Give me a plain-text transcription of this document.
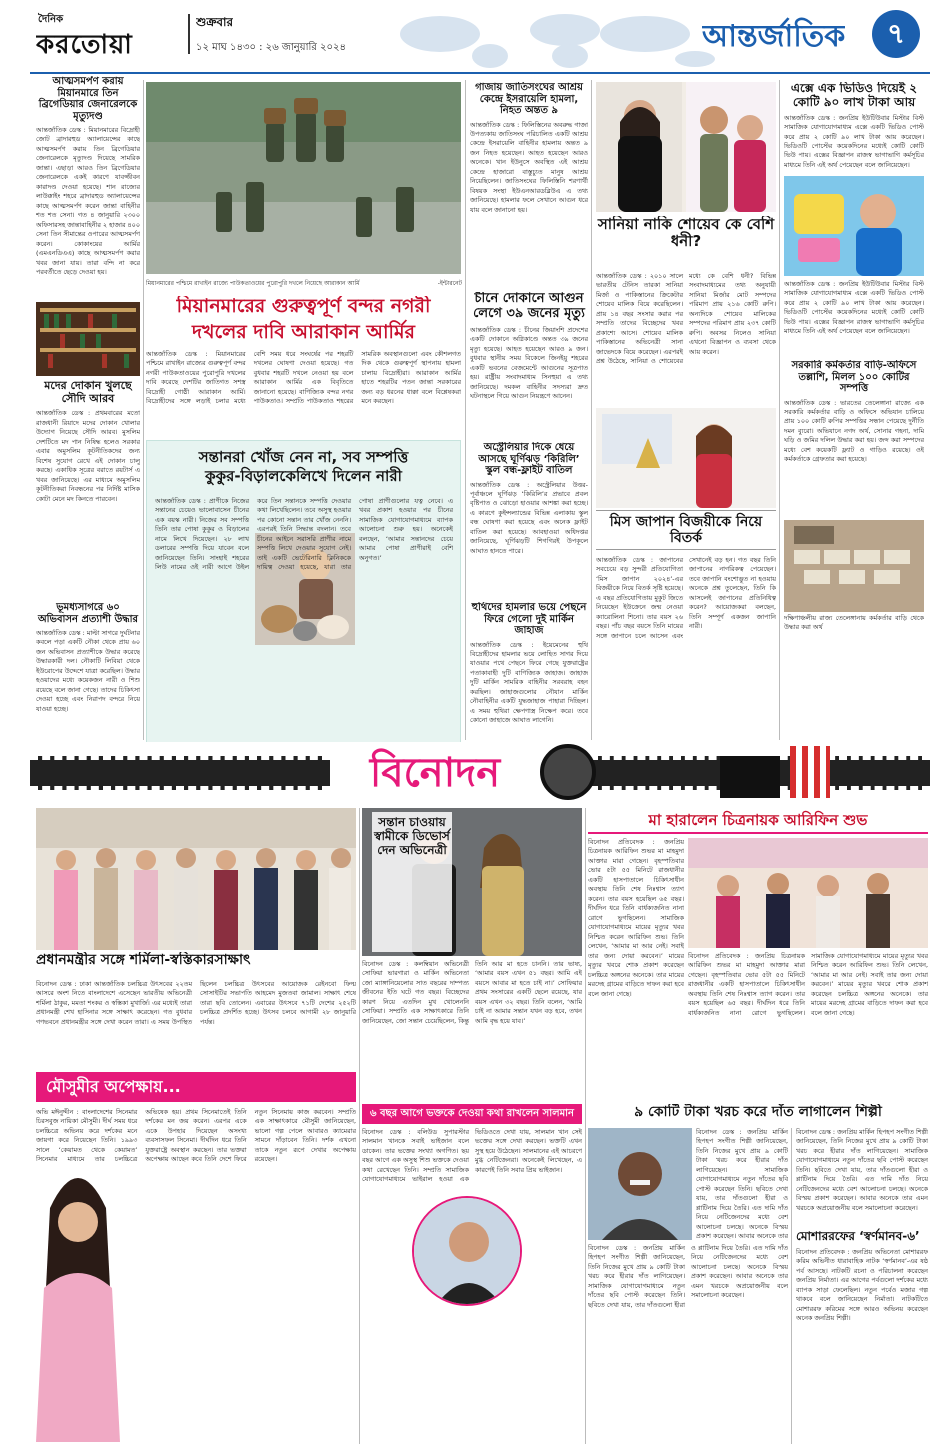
দৈনিক
করতোয়া
শুক্রবার
১২ মাঘ ১৪৩০ : ২৬ জানুয়ারি ২০২৪	আন্তর্জাতিক	৭
আত্মসমর্পণ করায় মিয়ানমারে তিন ব্রিগেডিয়ার জেনারেলকে মৃত্যুদণ্ড
আন্তর্জাতিক ডেস্ক : মিয়ানমারের বিদ্রোহী জোট ব্রাদারহুড অ্যালায়েন্সের কাছে আত্মসমর্পণ করায় তিন ব্রিগেডিয়ার জেনারেলকে মৃত্যুদণ্ড দিয়েছে সামরিক জান্তা। এছাড়া আরও তিন ব্রিগেডিয়ার জেনারেলকে একই কারণে যাবজ্জীবন কারাদণ্ড দেওয়া হয়েছে। শান রাজ্যের লাউক্কাইং শহরে ব্রাদারহুড অ্যালায়েন্সের কাছে আত্মসমর্পণ করেন জান্তা বাহিনীর শত শত সেনা। গত ৪ জানুয়ারি ২৩০০ অফিসারসহ জান্তাবাহিনীর ২ হাজার ৪০০ সেনা তিন সীমান্তের ওপারের আত্মসমর্পণ করেন। কোকাংয়ের আর্মির (এমএনডিএএ) কাছে আত্মসমর্পণ করার খবর জানা যায়। তারা বন্দি না করে পরবর্তীতে ছেড়ে দেওয়া হয়।
মদের দোকান খুলছে সৌদি আরব
আন্তর্জাতিক ডেস্ক : প্রথমবারের মতো রাজধানী রিয়াদে মদের দোকান খোলার উদ্যোগ নিয়েছে সৌদি আরব। মুসলিম দেশটিতে মদ পান নিষিদ্ধ হলেও সরকার এবার অমুসলিম কূটনীতিকদের জন্য বিশেষ সুযোগ রেখে এই দোকান চালু করছে। একাধিক সূত্রের বরাতে রয়টার্স এ খবর জানিয়েছে। এর মাধ্যমে অমুসলিম কূটনীতিকরা নিবন্ধনের পর নির্দিষ্ট মাসিক কোটা মেনে মদ কিনতে পারবেন।
ভূমধ্যসাগরে ৬০ অভিবাসন প্রত্যাশী উদ্ধার
আন্তর্জাতিক ডেস্ক : মাল্টা সাগরে দুর্ঘটনার কবলে পড়া একটি নৌকা থেকে প্রায় ৬০ জন অভিবাসন প্রত্যাশীকে উদ্ধার করেছে উদ্ধারকারী দল। নৌকাটি লিবিয়া থেকে ইউরোপের উদ্দেশে যাত্রা করেছিল। উদ্ধার হওয়াদের মধ্যে কয়েকজন নারী ও শিশু রয়েছে বলে জানা গেছে। তাদের চিকিৎসা দেওয়া হচ্ছে এবং নিরাপদ বন্দরে নিয়ে যাওয়া হচ্ছে।
মিয়ানমারের পশ্চিমে রাখাইন রাজ্যে পাউকতাওয়ের পুরোপুরি দখলে নিয়েছে আরাকান আর্মি	-ইন্টারনেট
মিয়ানমারের গুরুত্বপূর্ণ বন্দর নগরী
দখলের দাবি আরাকান আর্মির
আন্তর্জাতিক ডেস্ক : মিয়ানমারের পশ্চিমে রাখাইন রাজ্যের গুরুত্বপূর্ণ বন্দর নগরী পাউকতাওয়ের পুরোপুরি দখলের দাবি করেছে দেশটির জাতিগত সশস্ত্র বিদ্রোহী গোষ্ঠী আরাকান আর্মি। বিদ্রোহীদের সঙ্গে লড়াই চলার মধ্যে বেশি সময় ধরে সংঘর্ষের পর শহরটি দখলের ঘোষণা দেওয়া হয়েছে। গত বুধবার শহরটি দখলে নেওয়া হয় বলে আরাকান আর্মির এক বিবৃতিতে জানানো হয়েছে। বাণিজ্যিক বন্দর নগর পাউকতাও। সম্প্রতি পাউকতাও শহরের সামরিক অবস্থানগুলো এবং কৌশলগত দিক থেকে গুরুত্বপূর্ণ স্থাপনায় হামলা চালায় বিদ্রোহীরা। আরাকান আর্মির হাতে শহরটির পতন জান্তা সরকারের জন্য বড় ধরনের ধাক্কা বলে বিশ্লেষকরা মনে করছেন।
সন্তানরা খোঁজ নেন না, সব সম্পত্তি
কুকুর-বিড়ালকেলিখে দিলেন নারী
আন্তর্জাতিক ডেস্ক : প্রাণীকে নিজের সন্তানের চেয়েও ভালোবাসেন চীনের এক বয়স্ক নারী। নিজের সব সম্পত্তি তিনি তার পোষা কুকুর ও বিড়ালের নামে লিখে দিয়েছেন। ২৮ লাখ ডলারের সম্পত্তি দিয়ে যাবেন বলে জানিয়েছেন তিনি। সাংহাই শহরের লিউ নামের ওই নারী আগে উইল করে তিন সন্তানকে সম্পত্তি দেওয়ার কথা লিখেছিলেন। তবে অসুস্থ হওয়ার পর কোনো সন্তান তার খোঁজ নেননি। এরপরই তিনি সিদ্ধান্ত বদলান। তবে চীনের আইনে সরাসরি প্রাণীর নামে সম্পত্তি লিখে দেওয়ার সুযোগ নেই। তাই একটি ভেটেরিনারি ক্লিনিককে দায়িত্ব দেওয়া হয়েছে, যারা তার পোষা প্রাণীগুলোর যত্ন নেবে। এ খবর প্রকাশ হওয়ার পর চীনের সামাজিক যোগাযোগমাধ্যমে ব্যাপক আলোচনা শুরু হয়। অনেকেই বলছেন, ‘আমার সন্তানদের চেয়ে আমার পোষা প্রাণীরাই বেশি অনুগত।’
গাজায় জাতিসংঘের আশ্রয় কেন্দ্রে ইসরায়েলি হামলা, নিহত অন্তত ৯
আন্তর্জাতিক ডেস্ক : ফিলিস্তিনের অবরুদ্ধ গাজা উপত্যকায় জাতিসংঘ পরিচালিত একটি আশ্রয় কেন্দ্রে ইসরায়েলি বাহিনীর হামলায় অন্তত ৯ জন নিহত হয়েছেন। আহত হয়েছেন আরও অনেকে। খান ইউনুসে অবস্থিত এই আশ্রয় কেন্দ্রে হাজারো বাস্তুচ্যুত মানুষ আশ্রয় নিয়েছিলেন। জাতিসংঘের ফিলিস্তিনি শরণার্থী বিষয়ক সংস্থা ইউএনআরডব্লিউএ এ তথ্য জানিয়েছে। হামলার ফলে সেখানে আগুন ধরে যায় বলে জানানো হয়।
চীনে দোকানে আগুন লেগে ৩৯ জনের মৃত্যু
আন্তর্জাতিক ডেস্ক : চীনের জিয়াংশি প্রদেশের একটি দোকানে অগ্নিকাণ্ডে অন্তত ৩৯ জনের মৃত্যু হয়েছে। আহত হয়েছেন আরও ৯ জন। বুধবার স্থানীয় সময় বিকেলে জিনইয়ু শহরের একটি ভবনের বেজমেন্টে আগুনের সূত্রপাত হয়। রাষ্ট্রীয় সংবাদমাধ্যম সিনহুয়া এ তথ্য জানিয়েছে। দমকল বাহিনীর সদস্যরা দ্রুত ঘটনাস্থলে গিয়ে আগুন নিয়ন্ত্রণে আনেন।
অস্ট্রেলিয়ার দিকে ধেয়ে আসছে ঘূর্ণিঝড় ‘কিরিলি’ স্কুল বন্ধ-ফ্লাইট বাতিল
আন্তর্জাতিক ডেস্ক : অস্ট্রেলিয়ার উত্তর-পূর্বাঞ্চলে ঘূর্ণিঝড় ‘কিরিলি’র প্রভাবে প্রবল বৃষ্টিপাত ও ঝোড়ো হাওয়ার আশঙ্কা করা হচ্ছে। এ কারণে কুইন্সল্যান্ডের বিভিন্ন এলাকায় স্কুল বন্ধ ঘোষণা করা হয়েছে এবং অনেক ফ্লাইট বাতিল করা হয়েছে। আবহাওয়া অধিদপ্তর জানিয়েছে, ঘূর্ণিঝড়টি শিগগিরই উপকূলে আঘাত হানতে পারে।
হুথিদের হামলার ভয়ে পেছনে ফিরে গেলো দুই মার্কিন জাহাজ
আন্তর্জাতিক ডেস্ক : ইয়েমেনের হুথি বিদ্রোহীদের হামলার ভয়ে লোহিত সাগর দিয়ে যাওয়ার পথে পেছনে ফিরে গেছে যুক্তরাষ্ট্রের পতাকাবাহী দুটি বাণিজ্যিক জাহাজ। জাহাজ দুটি মার্কিন সামরিক বাহিনীর সরবরাহ বহন করছিল। জাহাজগুলোর নৌযান মার্কিন নৌবাহিনীর একটি যুদ্ধজাহাজ পাহারা দিচ্ছিল। এ সময় হুথিরা ক্ষেপণাস্ত্র নিক্ষেপ করে। তবে কোনো জাহাজে আঘাত লাগেনি।
সানিয়া নাকি শোয়েব কে বেশি ধনী?
আন্তর্জাতিক ডেস্ক : ২০১০ সালে ভারতীয় টেনিস তারকা সানিয়া মির্জা ও পাকিস্তানের ক্রিকেটার শোয়েব মালিক বিয়ে করেছিলেন। প্রায় ১৪ বছর সংসার করার পর সম্প্রতি তাদের বিচ্ছেদের খবর প্রকাশ্যে আসে। শোয়েব মালিক পাকিস্তানের অভিনেত্রী সানা জাভেদকে বিয়ে করেছেন। এরপরই প্রশ্ন উঠেছে, সানিয়া ও শোয়েবের মধ্যে কে বেশি ধনী? বিভিন্ন সংবাদমাধ্যমের তথ্য অনুযায়ী সানিয়া মির্জার মোট সম্পদের পরিমাণ প্রায় ২১৬ কোটি রুপি। অন্যদিকে শোয়েব মালিকের সম্পদের পরিমাণ প্রায় ২৩৭ কোটি রুপি। অবসর নিলেও সানিয়া এখনো বিজ্ঞাপন ও ব্যবসা থেকে আয় করেন।
এক্সে এক ভিডিও দিয়েই ২ কোটি ৯০ লাখ টাকা আয়
আন্তর্জাতিক ডেস্ক : জনপ্রিয় ইউটিউবার মিস্টার বিস্ট সামাজিক যোগাযোগমাধ্যম এক্সে একটি ভিডিও পোস্ট করে প্রায় ২ কোটি ৯০ লাখ টাকা আয় করেছেন। ভিডিওটি পোস্টের কয়েকদিনের মধ্যেই কোটি কোটি ভিউ পায়। এক্সের বিজ্ঞাপন রাজস্ব ভাগাভাগি কর্মসূচির মাধ্যমে তিনি এই অর্থ পেয়েছেন বলে জানিয়েছেন।
আন্তর্জাতিক ডেস্ক : জনপ্রিয় ইউটিউবার মিস্টার বিস্ট সামাজিক যোগাযোগমাধ্যম এক্সে একটি ভিডিও পোস্ট করে প্রায় ২ কোটি ৯০ লাখ টাকা আয় করেছেন। ভিডিওটি পোস্টের কয়েকদিনের মধ্যেই কোটি কোটি ভিউ পায়। এক্সের বিজ্ঞাপন রাজস্ব ভাগাভাগি কর্মসূচির মাধ্যমে তিনি এই অর্থ পেয়েছেন বলে জানিয়েছেন।
সরকারি কর্মকর্তার বাড়ি-অফিসে তল্লাশি, মিলল ১০০ কোটির সম্পত্তি
আন্তর্জাতিক ডেস্ক : ভারতের তেলেঙ্গানা রাজ্যে এক সরকারি কর্মকর্তার বাড়ি ও অফিসে অভিযান চালিয়ে প্রায় ১০০ কোটি রুপির সম্পত্তির সন্ধান পেয়েছে দুর্নীতি দমন ব্যুরো। অভিযানে নগদ অর্থ, সোনার গহনা, দামি ঘড়ি ও জমির দলিল উদ্ধার করা হয়। জব্দ করা সম্পদের মধ্যে বেশ কয়েকটি ফ্ল্যাট ও গাড়িও রয়েছে। ওই কর্মকর্তাকে গ্রেফতার করা হয়েছে।
দক্ষিণাঞ্চলীয় রাজ্য তেলেঙ্গানায় কর্মকর্তার বাড়ি থেকে উদ্ধার করা অর্থ
মিস জাপান বিজয়ীকে নিয়ে বিতর্ক
আন্তর্জাতিক ডেস্ক : জাপানের সবচেয়ে বড় সুন্দরী প্রতিযোগিতা ‘মিস জাপান ২০২৪’-এর বিজয়ীকে নিয়ে বিতর্ক সৃষ্টি হয়েছে। এ বছর প্রতিযোগিতায় মুকুট জিতে নিয়েছেন ইউক্রেনে জন্ম নেওয়া ক্যারোলিনা শিনো। তার বয়স ২৬ বছর। পাঁচ বছর বয়সে তিনি মায়ের সঙ্গে জাপানে চলে আসেন এবং সেখানেই বড় হন। গত বছর তিনি জাপানের নাগরিকত্ব পেয়েছেন। তবে জাপানি বংশোদ্ভূত না হওয়ায় অনেকে প্রশ্ন তুলেছেন, তিনি কি আসলেই জাপানের প্রতিনিধিত্ব করেন? আয়োজকরা বলছেন, তিনি সম্পূর্ণ একজন জাপানি নারী।
বিনোদন
প্রধানমন্ত্রীর সঙ্গে শর্মিলা-স্বস্তিকারসাক্ষাৎ
বিনোদন ডেস্ক : ঢাকা আন্তর্জাতিক চলচ্চিত্র উৎসবের ২২তম আসরে অংশ নিতে বাংলাদেশে এসেছেন ভারতীয় অভিনেত্রী শর্মিলা ঠাকুর, মমতা শংকর ও স্বস্তিকা মুখার্জি। এর মধ্যেই তারা প্রধানমন্ত্রী শেখ হাসিনার সঙ্গে সাক্ষাৎ করেছেন। গত বুধবার গণভবনে প্রধানমন্ত্রীর সঙ্গে দেখা করেন তারা। এ সময় উপস্থিত ছিলেন চলচ্চিত্র উৎসবের আয়োজক রেইনবো ফিল্ম সোসাইটির সভাপতি আহমেদ মুজতবা জামাল। সাক্ষাৎ শেষে তারা ছবি তোলেন। এবারের উৎসবে ৭১টি দেশের ২৫২টি চলচ্চিত্র প্রদর্শিত হচ্ছে। উৎসব চলবে আগামী ২৮ জানুয়ারি পর্যন্ত।
মৌসুমীর অপেক্ষায়...
অভি মঈনুদ্দীন : বাংলাদেশের সিনেমার চিরসবুজ নায়িকা মৌসুমী। দীর্ঘ সময় ধরে চলচ্চিত্রে অভিনয় করে দর্শকের মনে জায়গা করে নিয়েছেন তিনি। ১৯৯৩ সালে ‘কেয়ামত থেকে কেয়ামত’ সিনেমার মাধ্যমে তার চলচ্চিত্রে অভিষেক হয়। প্রথম সিনেমাতেই তিনি দর্শকের মন জয় করেন। এরপর একে একে উপহার দিয়েছেন অসংখ্য ব্যবসাসফল সিনেমা। দীর্ঘদিন ধরে তিনি যুক্তরাষ্ট্রে অবস্থান করছেন। তার ভক্তরা অপেক্ষায় আছেন কবে তিনি দেশে ফিরে নতুন সিনেমায় কাজ করবেন। সম্প্রতি এক সাক্ষাৎকারে মৌসুমী জানিয়েছেন, ভালো গল্প পেলে আবারও ক্যামেরার সামনে দাঁড়াবেন তিনি। দর্শক এখনো তাকে নতুন রূপে দেখার অপেক্ষায় রয়েছেন।
সন্তান চাওয়ায় স্বামীকে ডিভোর্স দেন অভিনেত্রী
বিনোদন ডেস্ক : কলম্বিয়ান অভিনেত্রী সোফিয়া ভারগারা ও মার্কিন অভিনেতা জো ম্যাঙ্গানিয়েলোর সাত বছরের দাম্পত্য জীবনের ইতি ঘটে গত বছর। বিচ্ছেদের কারণ নিয়ে এতদিন মুখ খোলেননি সোফিয়া। সম্প্রতি এক সাক্ষাৎকারে তিনি জানিয়েছেন, জো সন্তান চেয়েছিলেন, কিন্তু তিনি আর মা হতে চাননি। তার ভাষ্য, ‘আমার বয়স এখন ৫১ বছর। আমি এই বয়সে আবার মা হতে চাই না।’ সোফিয়ার প্রথম সংসারের একটি ছেলে রয়েছে, যার বয়স এখন ৩২ বছর। তিনি বলেন, ‘আমি চাই না আমার সন্তান যখন বড় হবে, তখন আমি বৃদ্ধ হয়ে যাব।’
৬ বছর আগে ভক্তকে দেওয়া কথা রাখলেন সালমান
বিনোদন ডেস্ক : বলিউড সুপারস্টার সালমান খানকে সবাই ভাইজান বলে ডাকেন। তার ভক্তের সংখ্যা অগণিত। ছয় বছর আগে এক অসুস্থ শিশু ভক্তকে দেওয়া কথা রেখেছেন তিনি। সম্প্রতি সামাজিক যোগাযোগমাধ্যমে ভাইরাল হওয়া এক ভিডিওতে দেখা যায়, সালমান খান সেই ভক্তের সঙ্গে দেখা করছেন। ভক্তটি এখন সুস্থ হয়ে উঠেছেন। সালমানের এই আচরণে মুগ্ধ নেটিজেনরা। অনেকেই লিখেছেন, এ কারণেই তিনি সবার প্রিয় ভাইজান।
মা হারালেন চিত্রনায়ক আরিফিন শুভ
বিনোদন প্রতিবেদক : জনপ্রিয় চিত্রনায়ক আরিফিন শুভর মা মাহমুদা আক্তার মারা গেছেন। বৃহস্পতিবার ভোর ৫টা ৫৫ মিনিটে রাজধানীর একটি হাসপাতালে চিকিৎসাধীন অবস্থায় তিনি শেষ নিঃশ্বাস ত্যাগ করেন। তার বয়স হয়েছিল ৬৫ বছর। দীর্ঘদিন ধরে তিনি বার্ধক্যজনিত নানা রোগে ভুগছিলেন। সামাজিক যোগাযোগমাধ্যমে মায়ের মৃত্যুর খবর নিশ্চিত করেন আরিফিন শুভ। তিনি লেখেন, ‘আমার মা আর নেই। সবাই তার জন্য দোয়া করবেন।’ মায়ের মৃত্যুর খবরে শোক প্রকাশ করেছেন চলচ্চিত্র অঙ্গনের অনেকে। তার মায়ের মরদেহ গ্রামের বাড়িতে দাফন করা হবে বলে জানা গেছে।
বিনোদন প্রতিবেদক : জনপ্রিয় চিত্রনায়ক আরিফিন শুভর মা মাহমুদা আক্তার মারা গেছেন। বৃহস্পতিবার ভোর ৫টা ৫৫ মিনিটে রাজধানীর একটি হাসপাতালে চিকিৎসাধীন অবস্থায় তিনি শেষ নিঃশ্বাস ত্যাগ করেন। তার বয়স হয়েছিল ৬৫ বছর। দীর্ঘদিন ধরে তিনি বার্ধক্যজনিত নানা রোগে ভুগছিলেন। সামাজিক যোগাযোগমাধ্যমে মায়ের মৃত্যুর খবর নিশ্চিত করেন আরিফিন শুভ। তিনি লেখেন, ‘আমার মা আর নেই। সবাই তার জন্য দোয়া করবেন।’ মায়ের মৃত্যুর খবরে শোক প্রকাশ করেছেন চলচ্চিত্র অঙ্গনের অনেকে। তার মায়ের মরদেহ গ্রামের বাড়িতে দাফন করা হবে বলে জানা গেছে।
৯ কোটি টাকা খরচ করে দাঁত লাগালেন শিল্পী
বিনোদন ডেস্ক : জনপ্রিয় মার্কিন হিপহপ সংগীত শিল্পী জানিয়েছেন, তিনি নিজের মুখে প্রায় ৯ কোটি টাকা খরচ করে হীরার দাঁত লাগিয়েছেন। সামাজিক যোগাযোগমাধ্যমে নতুন দাঁতের ছবি পোস্ট করেছেন তিনি। ছবিতে দেখা যায়, তার দাঁতগুলো হীরা ও প্লাটিনাম দিয়ে তৈরি। এত দামি দাঁত নিয়ে নেটিজেনদের মধ্যে বেশ আলোচনা চলছে। অনেকে বিস্ময় প্রকাশ করেছেন। আবার অনেকে তার এমন খরচকে অপ্রয়োজনীয় বলে সমালোচনা করেছেন।
বিনোদন ডেস্ক : জনপ্রিয় মার্কিন হিপহপ সংগীত শিল্পী জানিয়েছেন, তিনি নিজের মুখে প্রায় ৯ কোটি টাকা খরচ করে হীরার দাঁত লাগিয়েছেন। সামাজিক যোগাযোগমাধ্যমে নতুন দাঁতের ছবি পোস্ট করেছেন তিনি। ছবিতে দেখা যায়, তার দাঁতগুলো হীরা ও প্লাটিনাম দিয়ে তৈরি। এত দামি দাঁত নিয়ে নেটিজেনদের মধ্যে বেশ আলোচনা চলছে। অনেকে বিস্ময় প্রকাশ করেছেন। আবার অনেকে তার
বিনোদন ডেস্ক : জনপ্রিয় মার্কিন হিপহপ সংগীত শিল্পী জানিয়েছেন, তিনি নিজের মুখে প্রায় ৯ কোটি টাকা খরচ করে হীরার দাঁত লাগিয়েছেন। সামাজিক যোগাযোগমাধ্যমে নতুন দাঁতের ছবি পোস্ট করেছেন তিনি। ছবিতে দেখা যায়, তার দাঁতগুলো হীরা ও প্লাটিনাম দিয়ে তৈরি। এত দামি দাঁত নিয়ে নেটিজেনদের মধ্যে বেশ আলোচনা চলছে। অনেকে বিস্ময় প্রকাশ করেছেন। আবার অনেকে তার এমন খরচকে অপ্রয়োজনীয় বলে সমালোচনা করেছেন।
মোশাররফের ‘স্বর্ণমানব-৬’
বিনোদন প্রতিবেদক : জনপ্রিয় অভিনেতা মোশাররফ করিম অভিনীত ধারাবাহিক নাটক ‘স্বর্ণমানব’-এর ষষ্ঠ পর্ব আসছে। নাটকটি রচনা ও পরিচালনা করেছেন জনপ্রিয় নির্মাতা। এর আগের পর্বগুলো দর্শকের মধ্যে ব্যাপক সাড়া ফেলেছিল। নতুন পর্বেও মজার গল্প থাকবে বলে জানিয়েছেন নির্মাতা। নাটকটিতে মোশাররফ করিমের সঙ্গে আরও অভিনয় করেছেন অনেক জনপ্রিয় শিল্পী।
